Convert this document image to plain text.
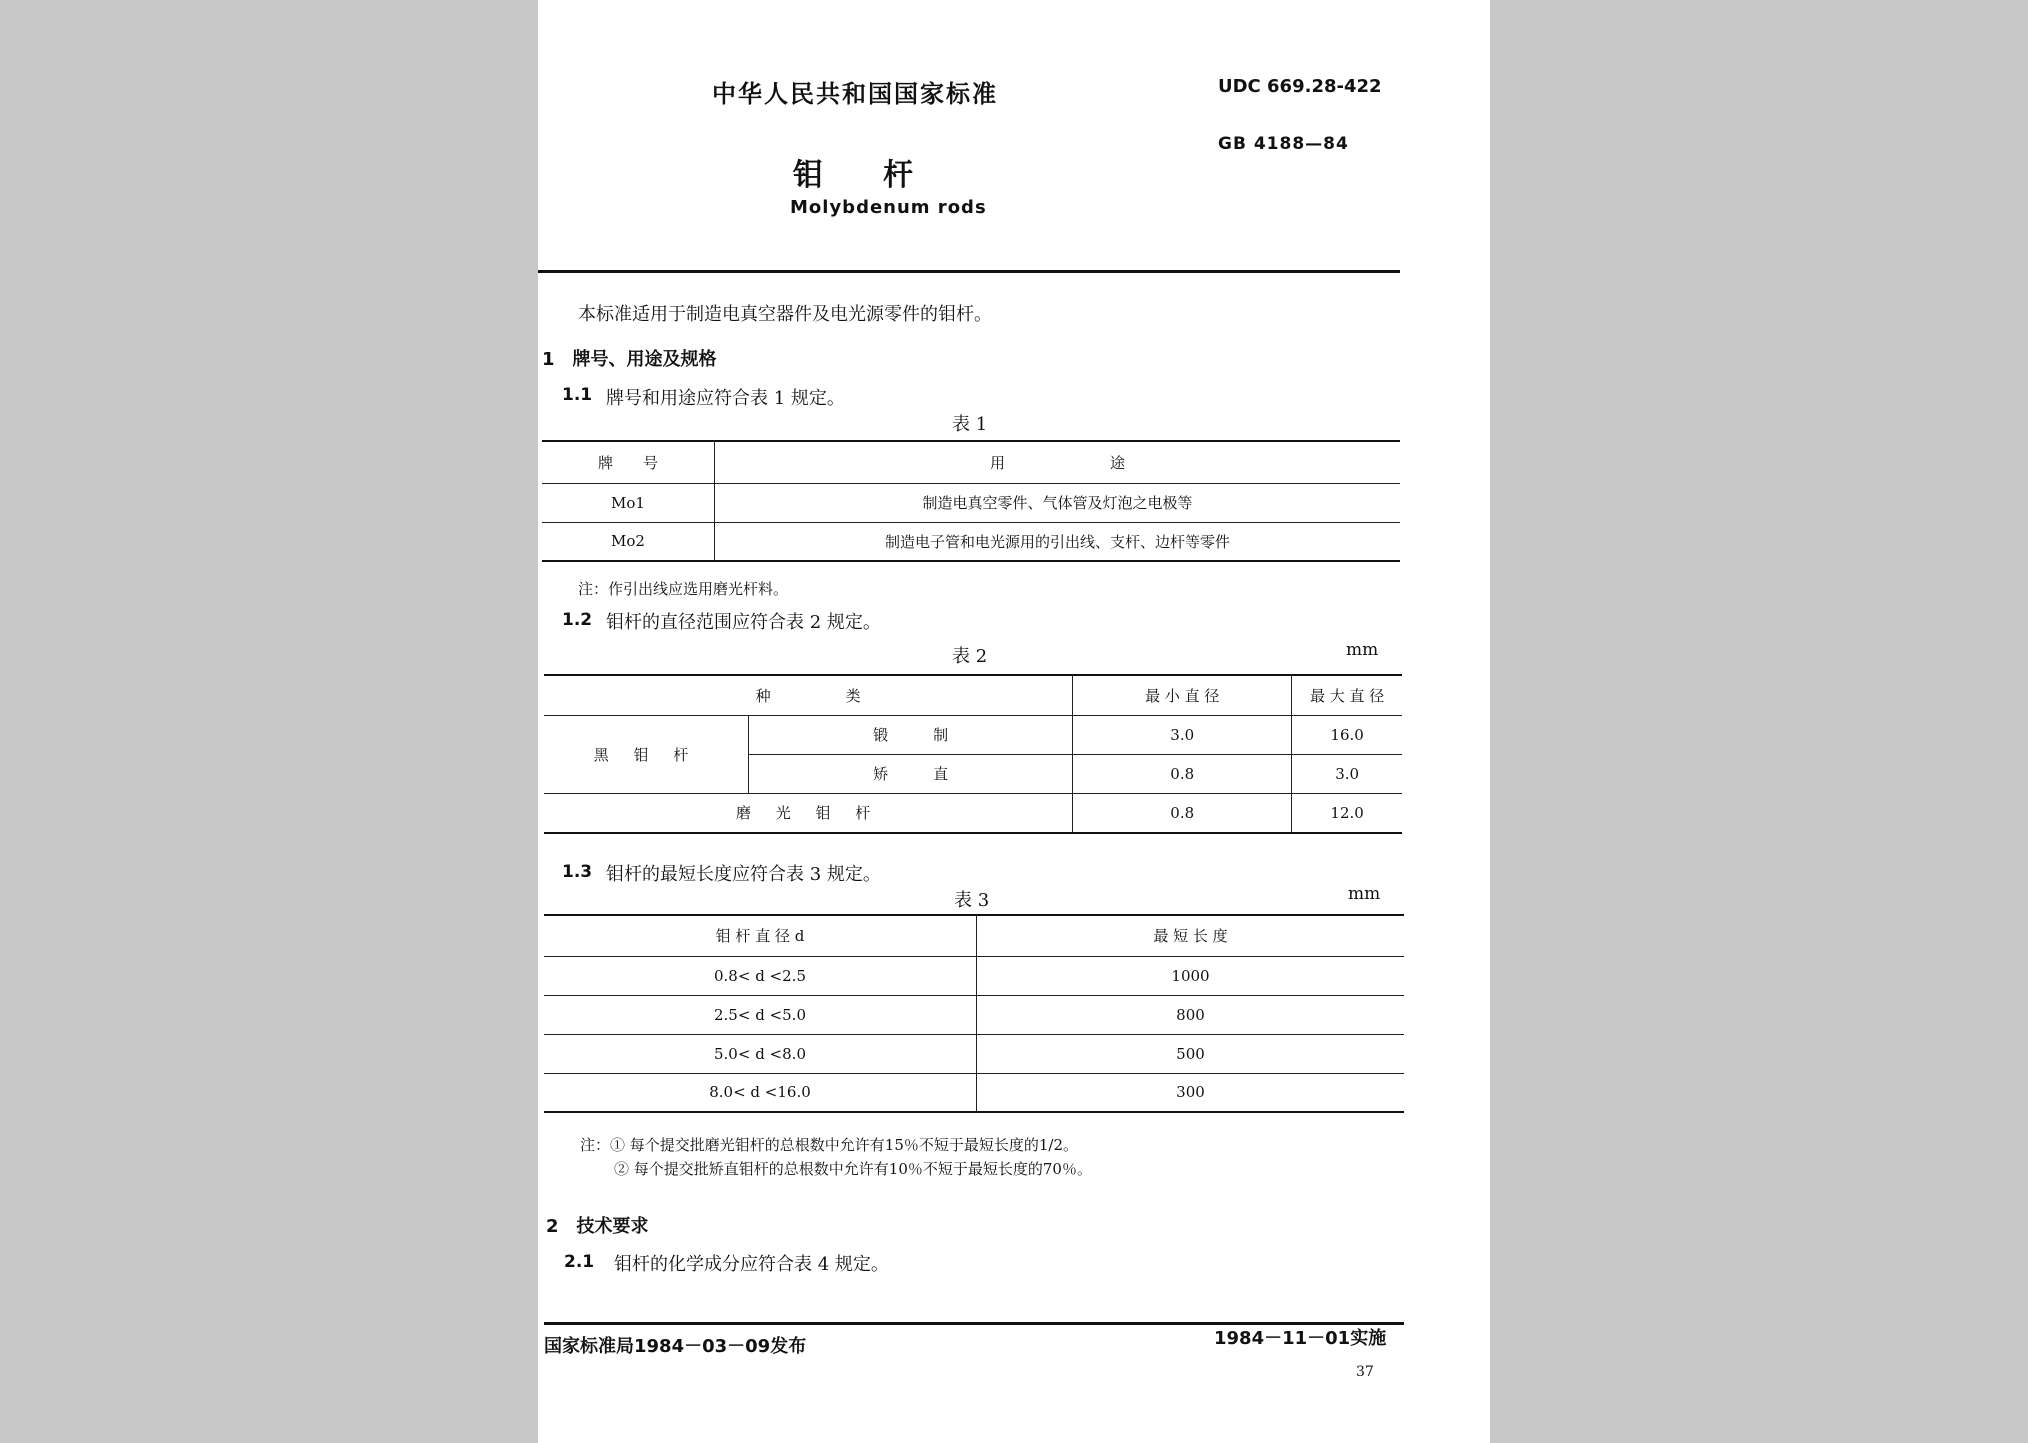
中华人民共和国国家标准	UDC 669.28-422
GB 4188—84
钼　　杆
Molybdenum rods
本标准适用于制造电真空器件及电光源零件的钼杆。
1　牌号、用途及规格
1.1 牌号和用途应符合表 1 规定。
表 1
牌　　号	用　　　　　　　途
Mo1	制造电真空零件、气体管及灯泡之电极等
Mo2	制造电子管和电光源用的引出线、支杆、边杆等零件
注：作引出线应选用磨光杆料。
1.2 钼杆的直径范围应符合表 2 规定。
表 2	mm
种　　　　　类		最 小 直 径	最 大 直 径
黑 钼 杆	锻　　　制	3.0	16.0
	矫　　　直	0.8	3.0
磨 光 钼 杆		0.8	12.0
1.3 钼杆的最短长度应符合表 3 规定。
表 3	mm
钼 杆 直 径 d	最 短 长 度
0.8< d <2.5	1000
2.5< d <5.0	800
5.0< d <8.0	500
8.0< d <16.0	300
注：① 每个提交批磨光钼杆的总根数中允许有15％不短于最短长度的1/2。
② 每个提交批矫直钼杆的总根数中允许有10％不短于最短长度的70％。
2　技术要求
2.1 钼杆的化学成分应符合表 4 规定。
国家标准局1984－03－09发布	1984－11－01实施
37
